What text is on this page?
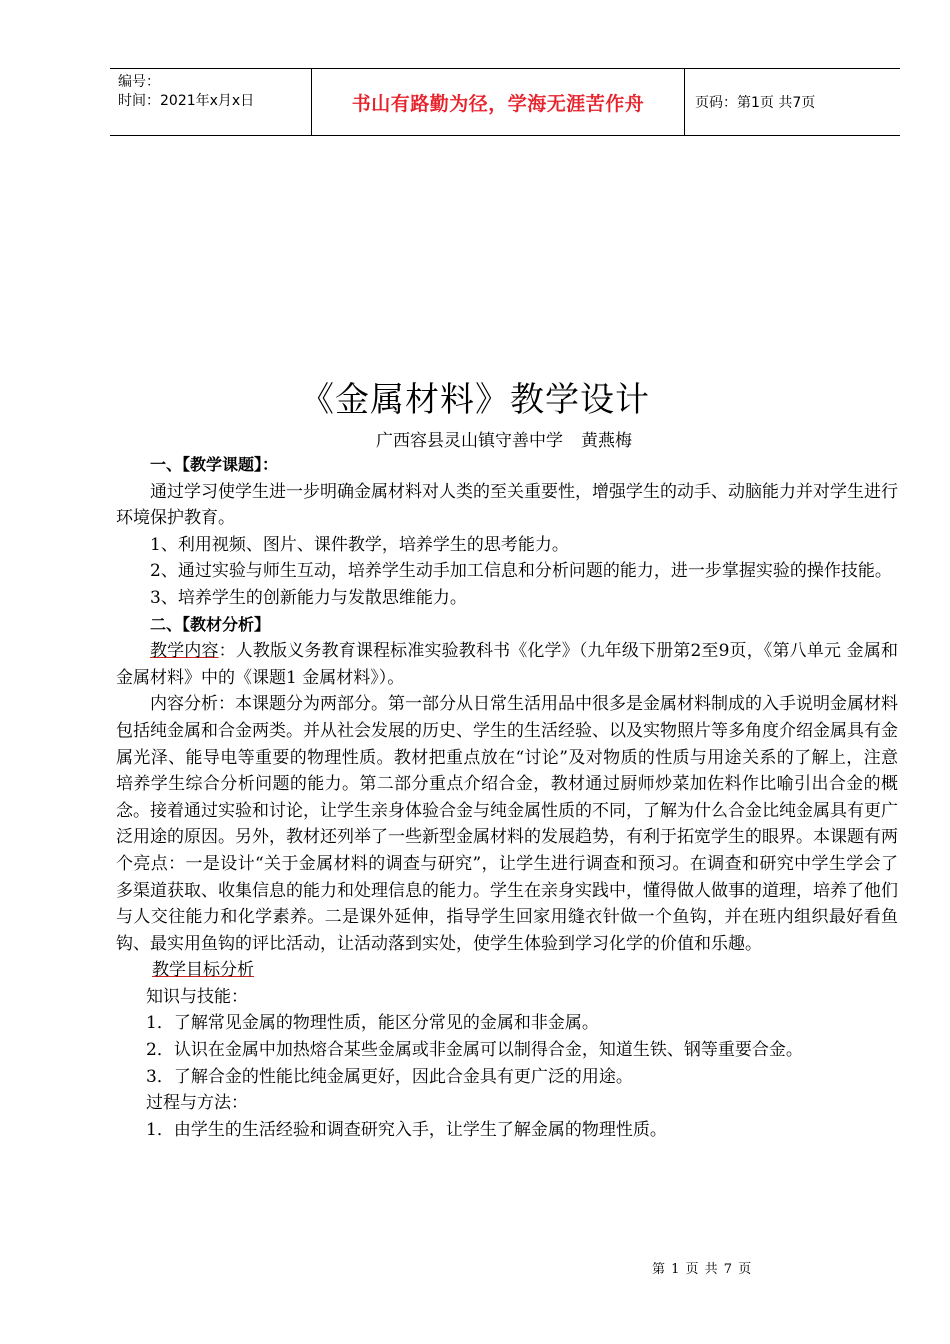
编号：
时间：2021年x月x日	书山有路勤为径，学海无涯苦作舟	页码：第1页 共7页
《金属材料》教学设计
广西容县灵山镇守善中学 黄燕梅

一、【教学课题】：

通过学习使学生进一步明确金属材料对人类的至关重要性，增强学生的动手、动脑能力并对学生进行环境保护教育。

1、利用视频、图片、课件教学，培养学生的思考能力。

2、通过实验与师生互动，培养学生动手加工信息和分析问题的能力，进一步掌握实验的操作技能。

3、培养学生的创新能力与发散思维能力。

二、【教材分析】

教学内容：人教版义务教育课程标准实验教科书《化学》（九年级下册第2至9页，《第八单元 金属和金属材料》中的《课题1 金属材料》）。

内容分析：本课题分为两部分。第一部分从日常生活用品中很多是金属材料制成的入手说明金属材料包括纯金属和合金两类。并从社会发展的历史、学生的生活经验、以及实物照片等多角度介绍金属具有金属光泽、能导电等重要的物理性质。教材把重点放在“讨论”及对物质的性质与用途关系的了解上，注意培养学生综合分析问题的能力。第二部分重点介绍合金，教材通过厨师炒菜加佐料作比喻引出合金的概念。接着通过实验和讨论，让学生亲身体验合金与纯金属性质的不同，了解为什么合金比纯金属具有更广泛用途的原因。另外，教材还列举了一些新型金属材料的发展趋势，有利于拓宽学生的眼界。本课题有两个亮点：一是设计“关于金属材料的调查与研究”，让学生进行调查和预习。在调查和研究中学生学会了多渠道获取、收集信息的能力和处理信息的能力。学生在亲身实践中，懂得做人做事的道理，培养了他们与人交往能力和化学素养。二是课外延伸，指导学生回家用缝衣针做一个鱼钩，并在班内组织最好看鱼钩、最实用鱼钩的评比活动，让活动落到实处，使学生体验到学习化学的价值和乐趣。

教学目标分析

知识与技能：

1．了解常见金属的物理性质，能区分常见的金属和非金属。

2．认识在金属中加热熔合某些金属或非金属可以制得合金，知道生铁、钢等重要合金。

3．了解合金的性能比纯金属更好，因此合金具有更广泛的用途。

过程与方法：

1．由学生的生活经验和调查研究入手，让学生了解金属的物理性质。

第 1 页 共 7 页
